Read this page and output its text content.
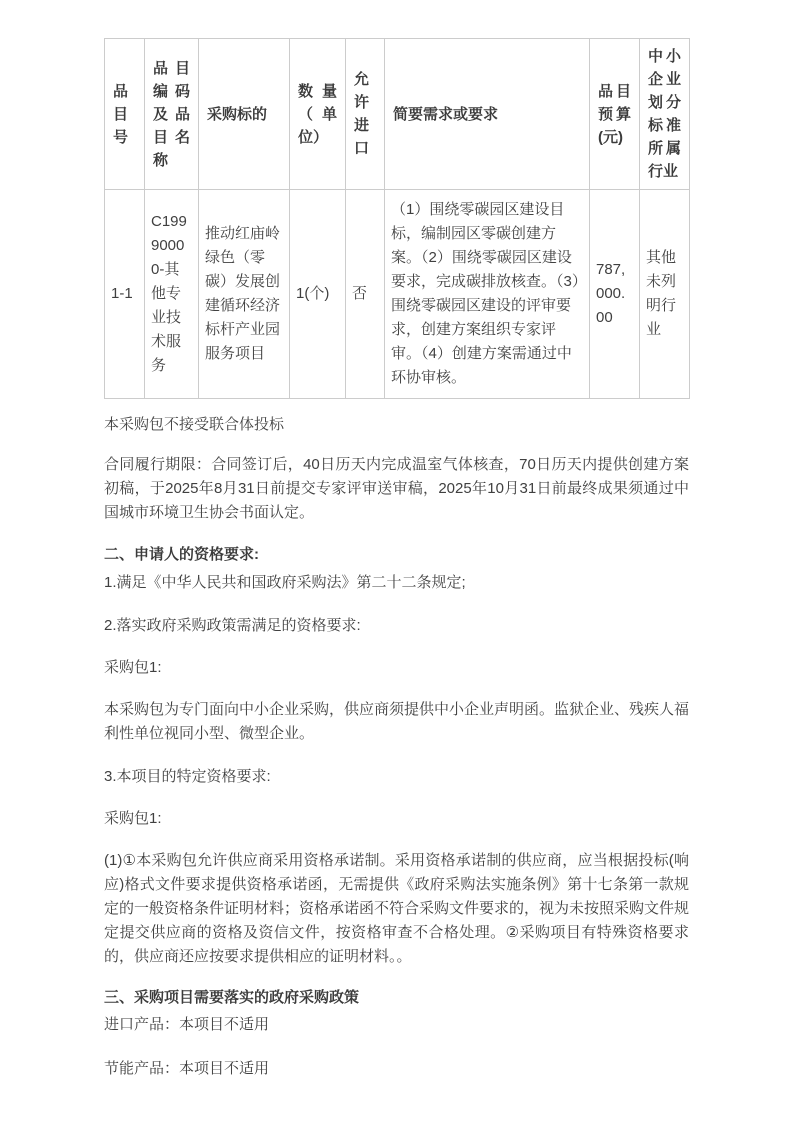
品目号	品目编码及品目名称	采购标的	数量（单位）	允许进口	简要需求或要求	品目预算(元)	中小企业划分标准所属行业
1-1	C19990000-其他专业技术服务	推动红庙岭绿色（零碳）发展创建循环经济标杆产业园服务项目	1(个)	否	（1）围绕零碳园区建设目标，编制园区零碳创建方案。（2）围绕零碳园区建设要求，完成碳排放核查。（3）围绕零碳园区建设的评审要求，创建方案组织专家评审。（4）创建方案需通过中环协审核。	787,000.00	其他未列明行业

本采购包不接受联合体投标

合同履行期限：合同签订后，40日历天内完成温室气体核查，70日历天内提供创建方案初稿，于2025年8月31日前提交专家评审送审稿，2025年10月31日前最终成果须通过中国城市环境卫生协会书面认定。

二、申请人的资格要求:

1.满足《中华人民共和国政府采购法》第二十二条规定;

2.落实政府采购政策需满足的资格要求:

采购包1:

本采购包为专门面向中小企业采购，供应商须提供中小企业声明函。监狱企业、残疾人福利性单位视同小型、微型企业。

3.本项目的特定资格要求:

采购包1:

(1)①本采购包允许供应商采用资格承诺制。采用资格承诺制的供应商，应当根据投标(响应)格式文件要求提供资格承诺函，无需提供《政府采购法实施条例》第十七条第一款规定的一般资格条件证明材料；资格承诺函不符合采购文件要求的，视为未按照采购文件规定提交供应商的资格及资信文件，按资格审查不合格处理。②采购项目有特殊资格要求的，供应商还应按要求提供相应的证明材料。。

三、采购项目需要落实的政府采购政策

进口产品：本项目不适用

节能产品：本项目不适用
